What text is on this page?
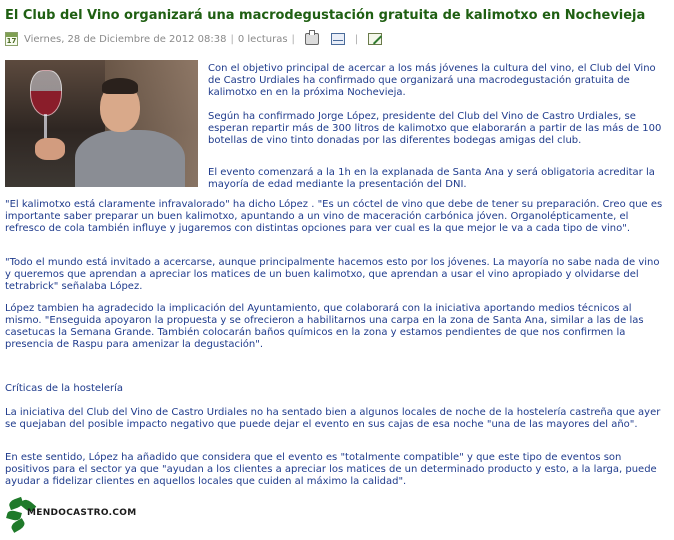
El Club del Vino organizará una macrodegustación gratuita de kalimotxo en Nochevieja
17 Viernes, 28 de Diciembre de 2012 08:38 | 0 lecturas |	|

Con el objetivo principal de acercar a los más jóvenes la cultura del vino, el Club del Vino de Castro Urdiales ha confirmado que organizará una macrodegustación gratuita de kalimotxo en en la próxima Nochevieja.

Según ha confirmado Jorge López, presidente del Club del Vino de Castro Urdiales, se esperan repartir más de 300 litros de kalimotxo que elaborarán a partir de las más de 100 botellas de vino tinto donadas por las diferentes bodegas amigas del club.

El evento comenzará a la 1h en la explanada de Santa Ana y será obligatoria acreditar la mayoría de edad mediante la presentación del DNI.

"El kalimotxo está claramente infravalorado" ha dicho López . "Es un cóctel de vino que debe de tener su preparación. Creo que es importante saber preparar un buen kalimotxo, apuntando a un vino de maceración carbónica jóven. Organolépticamente, el refresco de cola también influye y jugaremos con distintas opciones para ver cual es la que mejor le va a cada tipo de vino".

"Todo el mundo está invitado a acercarse, aunque principalmente hacemos esto por los jóvenes. La mayoría no sabe nada de vino y queremos que aprendan a apreciar los matices de un buen kalimotxo, que aprendan a usar el vino apropiado y olvidarse del tetrabrick" señalaba López.

López tambien ha agradecido la implicación del Ayuntamiento, que colaborará con la iniciativa aportando medios técnicos al mismo. "Enseguida apoyaron la propuesta y se ofrecieron a habilitarnos una carpa en la zona de Santa Ana, similar a las de las casetucas la Semana Grande. También colocarán baños químicos en la zona y estamos pendientes de que nos confirmen la presencia de Raspu para amenizar la degustación".

Críticas de la hostelería

La iniciativa del Club del Vino de Castro Urdiales no ha sentado bien a algunos locales de noche de la hostelería castreña que ayer se quejaban del posible impacto negativo que puede dejar el evento en sus cajas de esa noche "una de las mayores del año".

En este sentido, López ha añadido que considera que el evento es "totalmente compatible" y que este tipo de eventos son positivos para el sector ya que "ayudan a los clientes a apreciar los matices de un determinado producto y esto, a la larga, puede ayudar a fidelizar clientes en aquellos locales que cuiden al máximo la calidad".

MENDOCASTRO.COM
